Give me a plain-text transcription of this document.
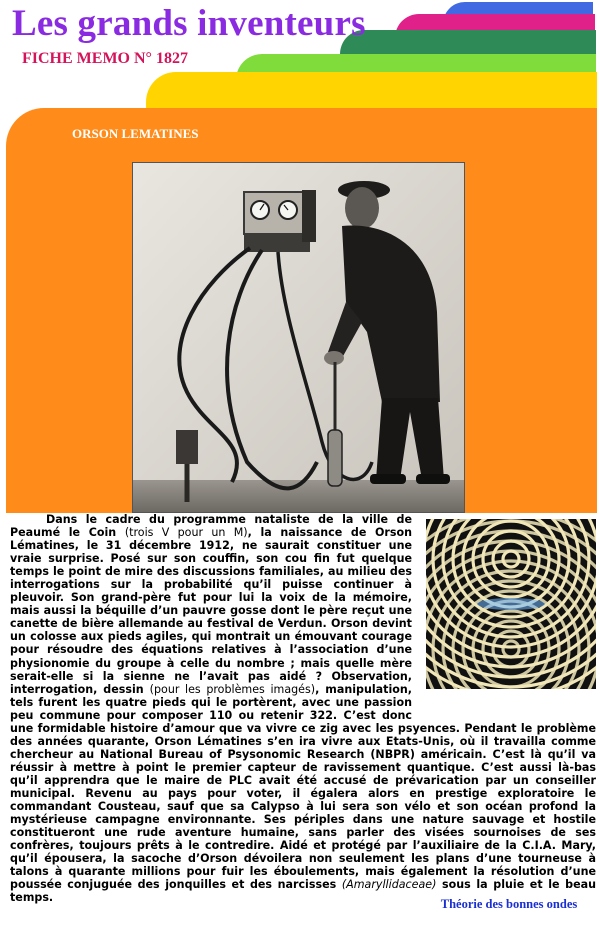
Les grands inventeurs
FICHE MEMO N° 1827
ORSON LEMATINES

Dans le cadre du programme nataliste de la ville de Peaumé le Coin (trois V pour un M), la naissance de Orson Lématines, le 31 décembre 1912, ne saurait constituer une vraie surprise. Posé sur son couffin, son cou fin fut quelque temps le point de mire des discussions familiales, au milieu des interrogations sur la probabilité qu’il puisse continuer à pleuvoir. Son grand-père fut pour lui la voix de la mémoire, mais aussi la béquille d’un pauvre gosse dont le père reçut une canette de bière allemande au festival de Verdun. Orson devint un colosse aux pieds agiles, qui montrait un émouvant courage pour résoudre des équations relatives à l’association d’une physionomie du groupe à celle du nombre ; mais quelle mère serait-elle si la sienne ne l’avait pas aidé ? Observation, interrogation, dessin (pour les problèmes imagés), manipulation, tels furent les quatre pieds qui le portèrent, avec une passion peu commune pour composer 110 ou retenir 322. C’est donc une formidable histoire d’amour que va vivre ce zig avec les psyences. Pendant le problème des années quarante, Orson Lématines s’en ira vivre aux Etats-Unis, où il travailla comme chercheur au National Bureau of Psysonomic Research (NBPR) américain. C’est là qu’il va réussir à mettre à point le premier capteur de ravissement quantique. C’est aussi là-bas qu’il apprendra que le maire de PLC avait été accusé de prévarication par un conseiller municipal. Revenu au pays pour voter, il égalera alors en prestige exploratoire le commandant Cousteau, sauf que sa Calypso à lui sera son vélo et son océan profond la mystérieuse campagne environnante. Ses périples dans une nature sauvage et hostile constitueront une rude aventure humaine, sans parler des visées sournoises de ses confrères, toujours prêts à le contredire. Aidé et protégé par l’auxiliaire de la C.I.A. Mary, qu’il épousera, la sacoche d’Orson dévoilera non seulement les plans d’une tourneuse à talons à quarante millions pour fuir les éboulements, mais également la résolution d’une poussée conjuguée des jonquilles et des narcisses (Amaryllidaceae) sous la pluie et le beau temps.	Théorie des bonnes ondes
